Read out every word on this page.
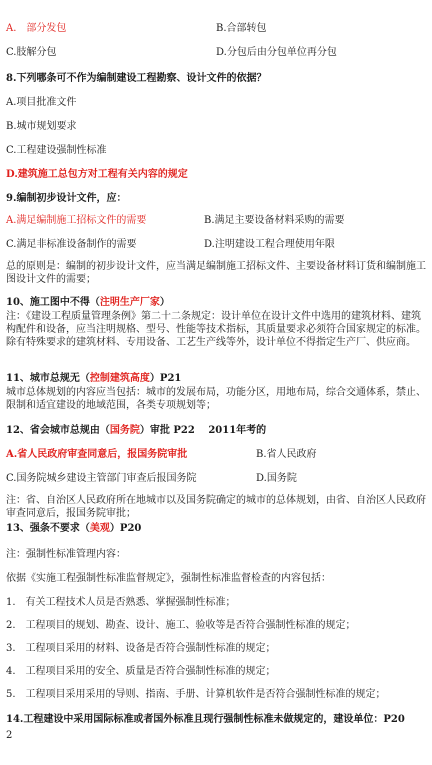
A.　部分发包	B.合部转包
C.肢解分包	D.分包后由分包单位再分包
8.下列哪条可不作为编制建设工程勘察、设计文件的依据？
A.项目批准文件
B.城市规划要求
C.工程建设强制性标准
D.建筑施工总包方对工程有关内容的规定
9.编制初步设计文件，应：
A.满足编制施工招标文件的需要	B.满足主要设备材料采购的需要
C.满足非标准设备制作的需要	D.注明建设工程合理使用年限
总的原则是：编制的初步设计文件，应当满足编制施工招标文件、主要设备材料订货和编制施工图设计文件的需要；
10、施工图中不得（注明生产厂家）
注：《建设工程质量管理条例》第二十二条规定：设计单位在设计文件中选用的建筑材料、建筑构配件和设备，应当注明规格、型号、性能等技术指标，其质量要求必须符合国家规定的标准。除有特殊要求的建筑材料、专用设备、工艺生产线等外，设计单位不得指定生产厂、供应商。
11、城市总规无（控制建筑高度）P21
城市总体规划的内容应当包括：城市的发展布局，功能分区，用地布局，综合交通体系，禁止、限制和适宜建设的地域范围，各类专项规划等；
12、省会城市总规由（国务院）审批 P22　 2011年考的
A.省人民政府审查同意后，报国务院审批	B.省人民政府
C.国务院城乡建设主管部门审查后报国务院	D.国务院
注：省、自治区人民政府所在地城市以及国务院确定的城市的总体规划，由省、自治区人民政府审查同意后，报国务院审批；
13、强条不要求（美观）P20
注：强制性标准管理内容：
依据《实施工程强制性标准监督规定》，强制性标准监督检查的内容包括：
1.　有关工程技术人员是否熟悉、掌握强制性标准；
2.　工程项目的规划、勘查、设计、施工、验收等是否符合强制性标准的规定；
3.　工程项目采用的材料、设备是否符合强制性标准的规定；
4.　工程项目采用的安全、质量是否符合强制性标准的规定；
5.　工程项目采用采用的导则、指南、手册、计算机软件是否符合强制性标准的规定；
14.工程建设中采用国际标准或者国外标准且现行强制性标准未做规定的，建设单位：P20
2
